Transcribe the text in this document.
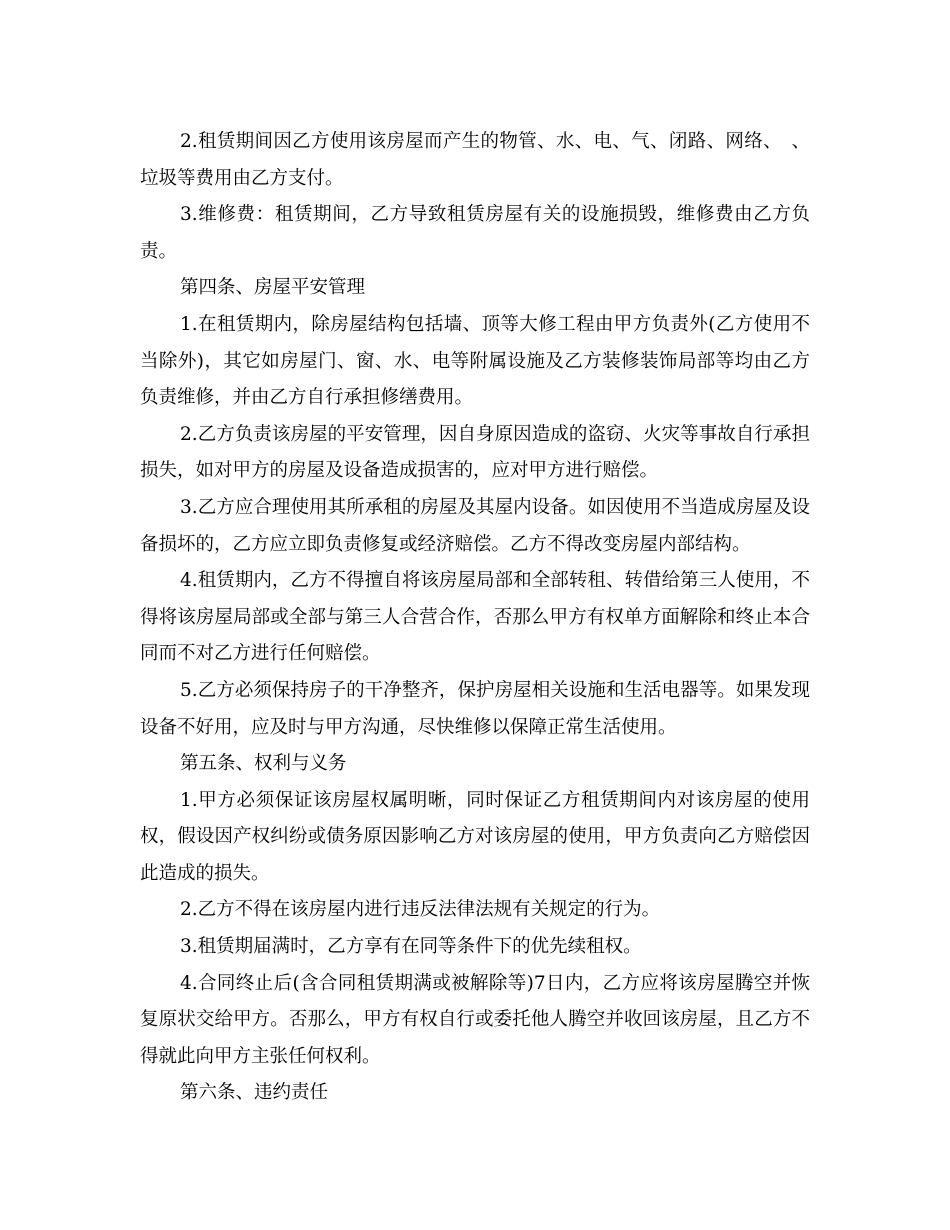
2.租赁期间因乙方使用该房屋而产生的物管、水、电、气、闭路、网络、　、垃圾等费用由乙方支付。

3.维修费：租赁期间，乙方导致租赁房屋有关的设施损毁，维修费由乙方负责。

第四条、房屋平安管理

1.在租赁期内，除房屋结构包括墙、顶等大修工程由甲方负责外(乙方使用不当除外)，其它如房屋门、窗、水、电等附属设施及乙方装修装饰局部等均由乙方负责维修，并由乙方自行承担修缮费用。

2.乙方负责该房屋的平安管理，因自身原因造成的盗窃、火灾等事故自行承担损失，如对甲方的房屋及设备造成损害的，应对甲方进行赔偿。

3.乙方应合理使用其所承租的房屋及其屋内设备。如因使用不当造成房屋及设备损坏的，乙方应立即负责修复或经济赔偿。乙方不得改变房屋内部结构。

4.租赁期内，乙方不得擅自将该房屋局部和全部转租、转借给第三人使用，不得将该房屋局部或全部与第三人合营合作，否那么甲方有权单方面解除和终止本合同而不对乙方进行任何赔偿。

5.乙方必须保持房子的干净整齐，保护房屋相关设施和生活电器等。如果发现设备不好用，应及时与甲方沟通，尽快维修以保障正常生活使用。

第五条、权利与义务

1.甲方必须保证该房屋权属明晰，同时保证乙方租赁期间内对该房屋的使用权，假设因产权纠纷或债务原因影响乙方对该房屋的使用，甲方负责向乙方赔偿因此造成的损失。

2.乙方不得在该房屋内进行违反法律法规有关规定的行为。

3.租赁期届满时，乙方享有在同等条件下的优先续租权。

4.合同终止后(含合同租赁期满或被解除等)7日内，乙方应将该房屋腾空并恢复原状交给甲方。否那么，甲方有权自行或委托他人腾空并收回该房屋，且乙方不得就此向甲方主张任何权利。

第六条、违约责任
